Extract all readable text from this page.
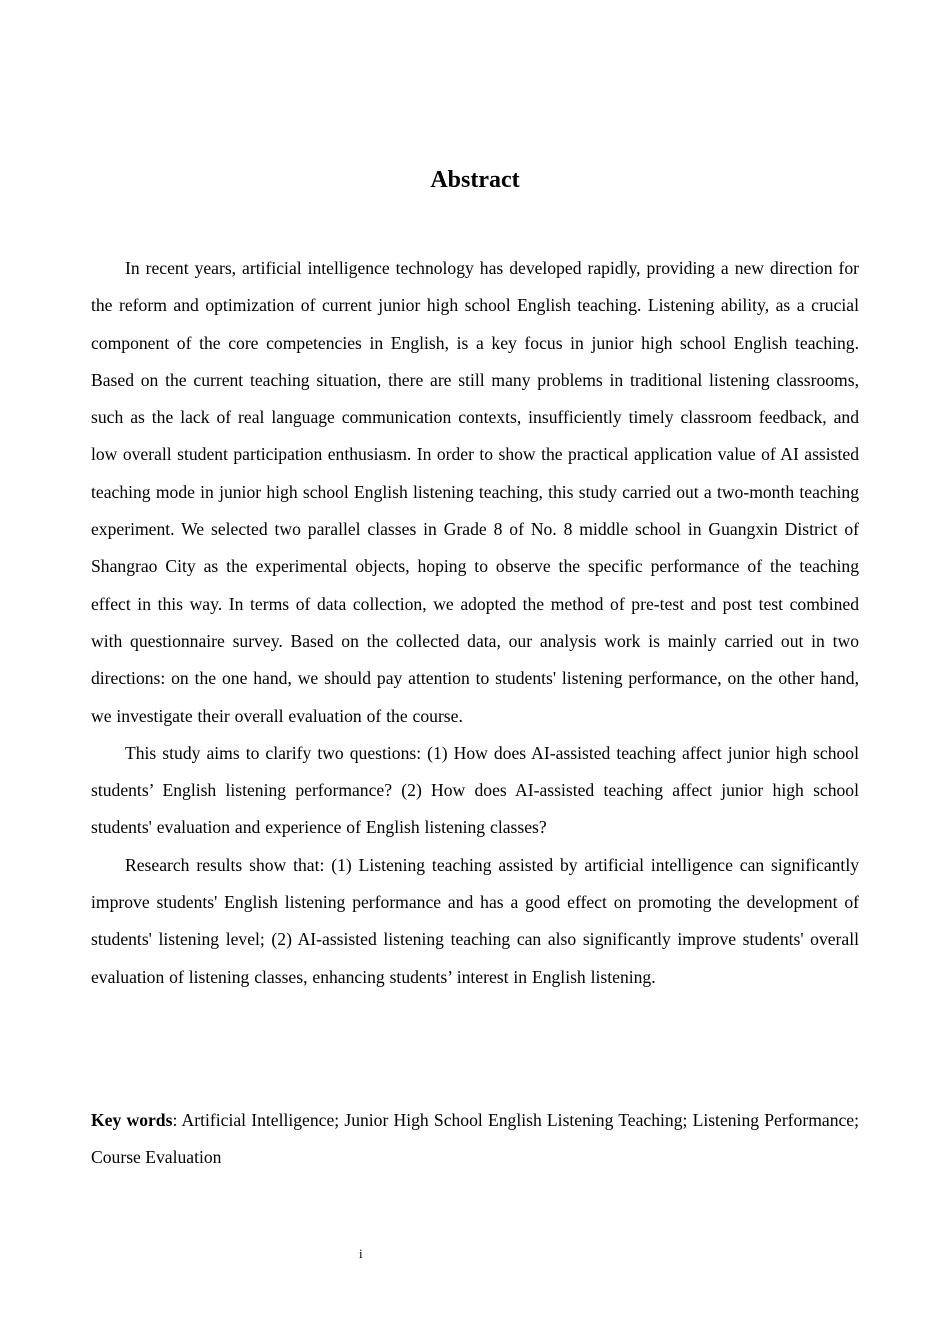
Abstract

In recent years, artificial intelligence technology has developed rapidly, providing a new direction for the reform and optimization of current junior high school English teaching. Listening ability, as a crucial component of the core competencies in English, is a key focus in junior high school English teaching. Based on the current teaching situation, there are still many problems in traditional listening classrooms, such as the lack of real language communication contexts, insufficiently timely classroom feedback, and low overall student participation enthusiasm. In order to show the practical application value of AI assisted teaching mode in junior high school English listening teaching, this study carried out a two-month teaching experiment. We selected two parallel classes in Grade 8 of No. 8 middle school in Guangxin District of Shangrao City as the experimental objects, hoping to observe the specific performance of the teaching effect in this way. In terms of data collection, we adopted the method of pre-test and post test combined with questionnaire survey. Based on the collected data, our analysis work is mainly carried out in two directions: on the one hand, we should pay attention to students' listening performance, on the other hand, we investigate their overall evaluation of the course.

This study aims to clarify two questions: (1) How does AI-assisted teaching affect junior high school students’ English listening performance? (2) How does AI-assisted teaching affect junior high school students' evaluation and experience of English listening classes?

Research results show that: (1) Listening teaching assisted by artificial intelligence can significantly improve students' English listening performance and has a good effect on promoting the development of students' listening level; (2) AI-assisted listening teaching can also significantly improve students' overall evaluation of listening classes, enhancing students’ interest in English listening.

Key words: Artificial Intelligence; Junior High School English Listening Teaching; Listening Performance; Course Evaluation

i
